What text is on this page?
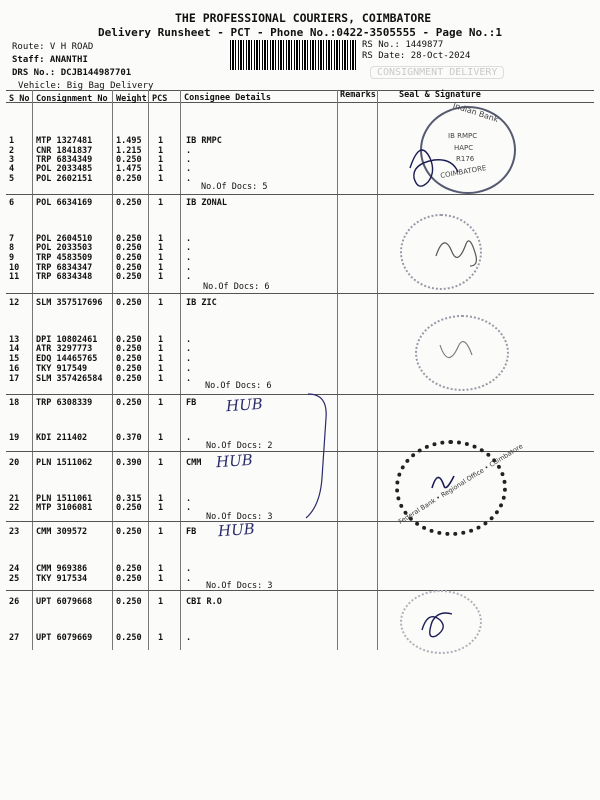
THE PROFESSIONAL COURIERS, COIMBATORE
Delivery Runsheet - PCT - Phone No.:0422-3505555 - Page No.:1
Route: V H ROAD
Staff: ANANTHI
DRS No.: DCJB144987701
Vehicle: Big Bag Delivery
RS No.: 1449877
RS Date: 28-Oct-2024
CONSIGNMENT DELIVERY
S No Consignment No Weight PCS Consignee Details	Remarks	Seal & Signature
1	MTP 1327481	1.495 1	IB RMPC
2	CNR 1841837	1.215 1	.
3	TRP 6834349	0.250 1	.
4	POL 2033485	1.475 1	.
5	POL 2602151	0.250 1	.
6	POL 6634169	0.250 1	IB ZONAL
7	POL 2604510	0.250 1	.
8	POL 2033503	0.250 1	.
9	TRP 4583509	0.250 1	.
10 TRP 6834347	0.250 1	.
11 TRP 6834348	0.250 1	.
12 SLM 357517696 0.250 1	IB ZIC
13 DPI 10802461 0.250 1	.
14 ATR 3297773	0.250 1	.
15 EDQ 14465765 0.250 1	.
16 TKY 917549	0.250 1	.
17 SLM 357426584 0.250 1	.
18 TRP 6308339	0.250 1	FB
19 KDI 211402	0.370 1	.
20 PLN 1511062	0.390 1	CMM
21 PLN 1511061	0.315 1	.
22 MTP 3106081	0.250 1	.
23 CMM 309572	0.250 1	FB
24 CMM 969386	0.250 1	.
25 TKY 917534	0.250 1	.
26 UPT 6079668	0.250 1	CBI R.O
27 UPT 6079669	0.250 1	.
No.Of Docs: 5
No.Of Docs: 6
No.Of Docs: 6
No.Of Docs: 2
No.Of Docs: 3
No.Of Docs: 3
HUB
HUB
HUB
Indian Bank
IB RMPC
HAPC
R176
COIMBATORE
Federal Bank • Regional Office • Coimbatore
